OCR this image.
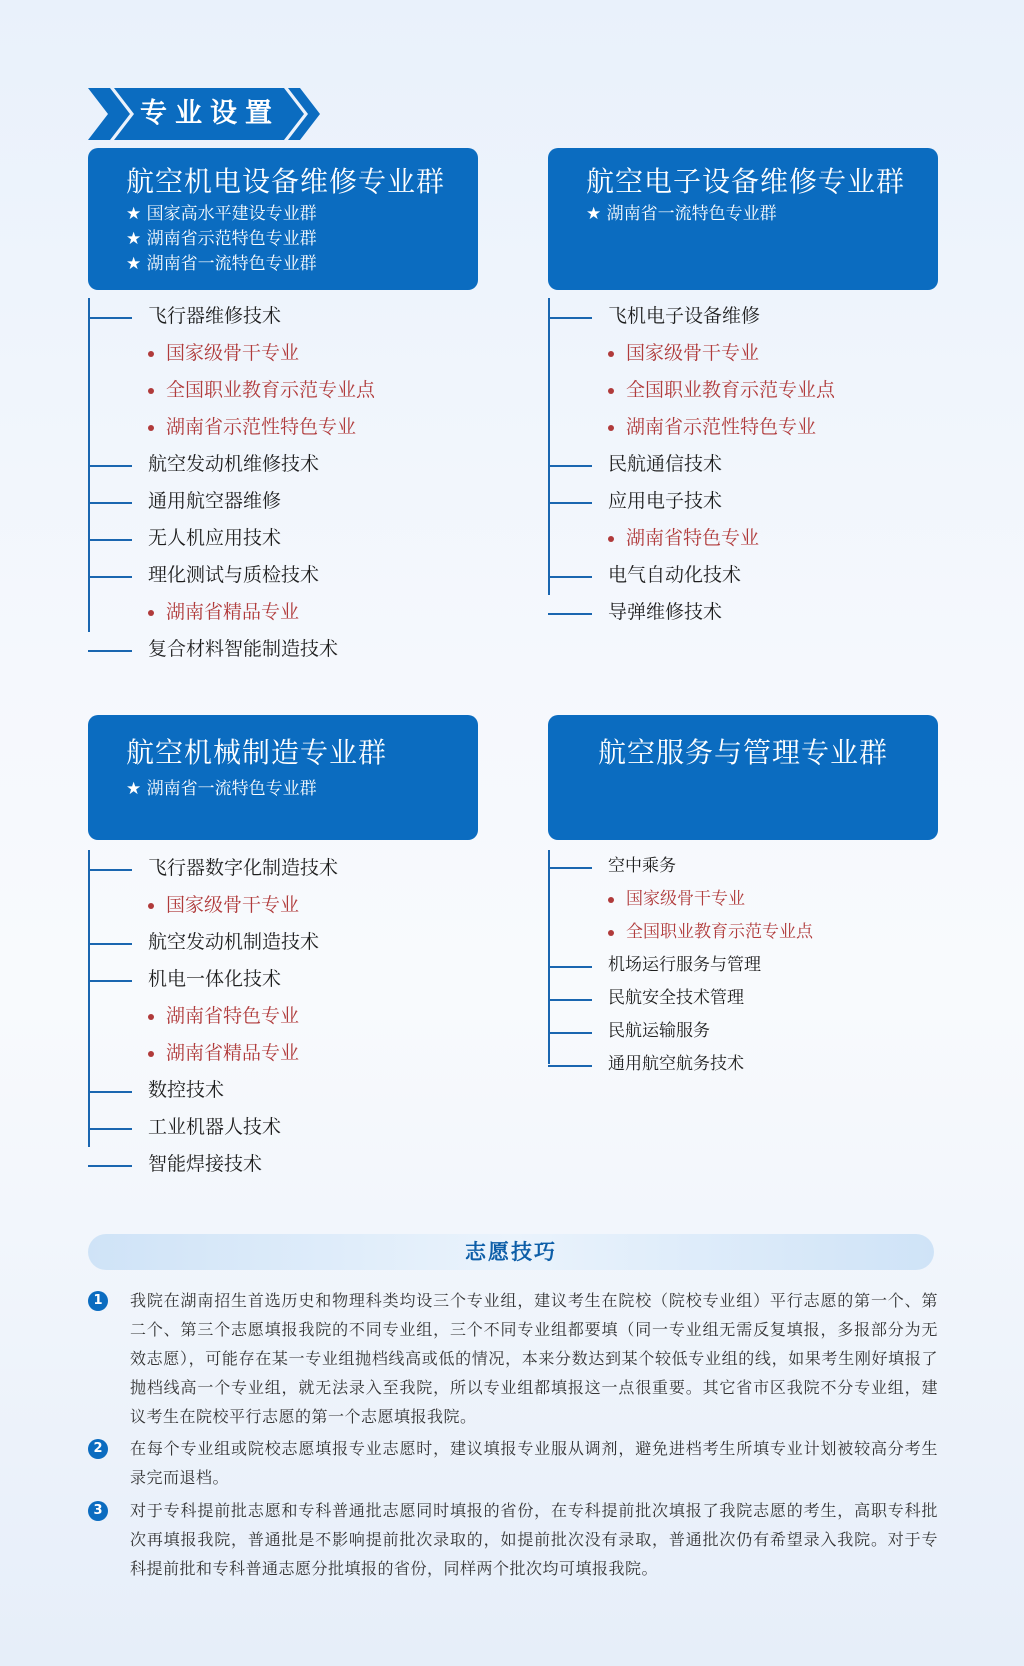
专业设置
航空机电设备维修专业群
★ 国家高水平建设专业群
★ 湖南省示范特色专业群
★ 湖南省一流特色专业群
飞行器维修技术
国家级骨干专业
全国职业教育示范专业点
湖南省示范性特色专业
航空发动机维修技术
通用航空器维修
无人机应用技术
理化测试与质检技术
湖南省精品专业
复合材料智能制造技术
航空电子设备维修专业群
★ 湖南省一流特色专业群
飞机电子设备维修
国家级骨干专业
全国职业教育示范专业点
湖南省示范性特色专业
民航通信技术
应用电子技术
湖南省特色专业
电气自动化技术
导弹维修技术
航空机械制造专业群
★ 湖南省一流特色专业群
飞行器数字化制造技术
国家级骨干专业
航空发动机制造技术
机电一体化技术
湖南省特色专业
湖南省精品专业
数控技术
工业机器人技术
智能焊接技术
航空服务与管理专业群
空中乘务
国家级骨干专业
全国职业教育示范专业点
机场运行服务与管理
民航安全技术管理
民航运输服务
通用航空航务技术
志愿技巧
1	我院在湖南招生首选历史和物理科类均设三个专业组，建议考生在院校（院校专业组）平行志愿的第一个、第二个、第三个志愿填报我院的不同专业组，三个不同专业组都要填（同一专业组无需反复填报，多报部分为无效志愿），可能存在某一专业组抛档线高或低的情况，本来分数达到某个较低专业组的线，如果考生刚好填报了抛档线高一个专业组，就无法录入至我院，所以专业组都填报这一点很重要。其它省市区我院不分专业组，建议考生在院校平行志愿的第一个志愿填报我院。
2	在每个专业组或院校志愿填报专业志愿时，建议填报专业服从调剂，避免进档考生所填专业计划被较高分考生录完而退档。
3	对于专科提前批志愿和专科普通批志愿同时填报的省份，在专科提前批次填报了我院志愿的考生，高职专科批次再填报我院，普通批是不影响提前批次录取的，如提前批次没有录取，普通批次仍有希望录入我院。对于专科提前批和专科普通志愿分批填报的省份，同样两个批次均可填报我院。
